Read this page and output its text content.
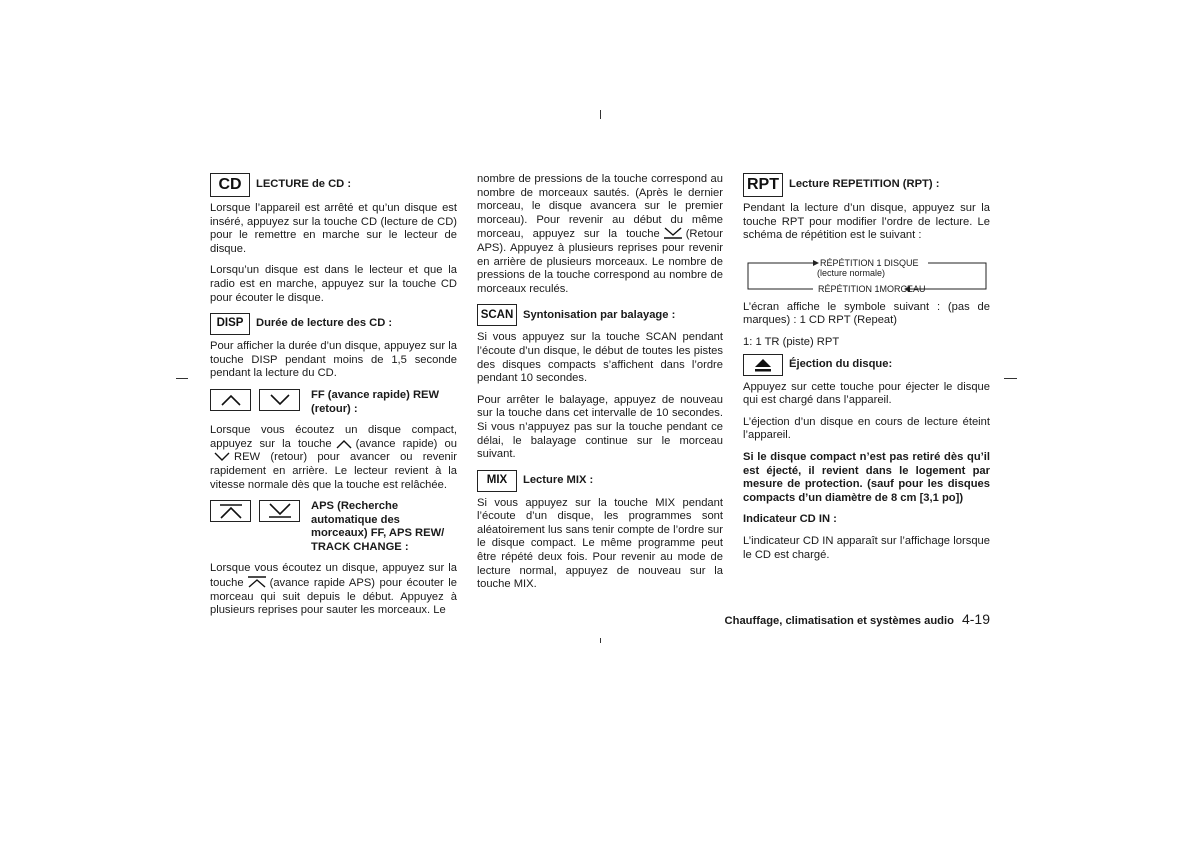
CD	LECTURE de CD :

Lorsque l’appareil est arrêté et qu’un disque est inséré, appuyez sur la touche CD (lecture de CD) pour le remettre en marche sur le lecteur de disque.

Lorsqu’un disque est dans le lecteur et que la radio est en marche, appuyez sur la touche CD pour écouter le disque.

DISP	Durée de lecture des CD :

Pour afficher la durée d’un disque, appuyez sur la touche DISP pendant moins de 1,5 seconde pendant la lecture du CD.

FF (avance rapide) REW (retour) :

Lorsque vous écoutez un disque compact, appuyez sur la touche (avance rapide) ou REW (retour) pour avancer ou revenir rapidement en arrière. Le lecteur revient à la vitesse normale dès que la touche est relâchée.

APS (Recherche automatique des morceaux) FF, APS REW/ TRACK CHANGE :

Lorsque vous écoutez un disque, appuyez sur la touche (avance rapide APS) pour écouter le morceau qui suit depuis le début. Appuyez à plusieurs reprises pour sauter les morceaux. Le

nombre de pressions de la touche correspond au nombre de morceaux sautés. (Après le dernier morceau, le disque avancera sur le premier morceau). Pour revenir au début du même morceau, appuyez sur la touche (Retour APS). Appuyez à plusieurs reprises pour revenir en arrière de plusieurs morceaux. Le nombre de pressions de la touche correspond au nombre de morceaux reculés.

SCAN Syntonisation par balayage :

Si vous appuyez sur la touche SCAN pendant l’écoute d’un disque, le début de toutes les pistes des disques compacts s’affichent dans l’ordre pendant 10 secondes.

Pour arrêter le balayage, appuyez de nouveau sur la touche dans cet intervalle de 10 secondes. Si vous n’appuyez pas sur la touche pendant ce délai, le balayage continue sur le morceau suivant.

MIX	Lecture MIX :

Si vous appuyez sur la touche MIX pendant l’écoute d’un disque, les programmes sont aléatoirement lus sans tenir compte de l’ordre sur le disque compact. Le même programme peut être répété deux fois. Pour revenir au mode de lecture normal, appuyez de nouveau sur la touche MIX.

RPT Lecture REPETITION (RPT) :

Pendant la lecture d’un disque, appuyez sur la touche RPT pour modifier l’ordre de lecture. Le schéma de répétition est le suivant :

RÉPÉTITION 1 DISQUE
(lecture normale)
RÉPÉTITION 1MORCEAU

L’écran affiche le symbole suivant : (pas de marques) : 1 CD RPT (Repeat)

1: 1 TR (piste) RPT

Éjection du disque:

Appuyez sur cette touche pour éjecter le disque qui est chargé dans l’appareil.

L’éjection d’un disque en cours de lecture éteint l’appareil.

Si le disque compact n’est pas retiré dès qu’il est éjecté, il revient dans le logement par mesure de protection. (sauf pour les disques compacts d’un diamètre de 8 cm [3,1 po])

Indicateur CD IN :

L’indicateur CD IN apparaît sur l’affichage lorsque le CD est chargé.

Chauffage, climatisation et systèmes audio 4-19
